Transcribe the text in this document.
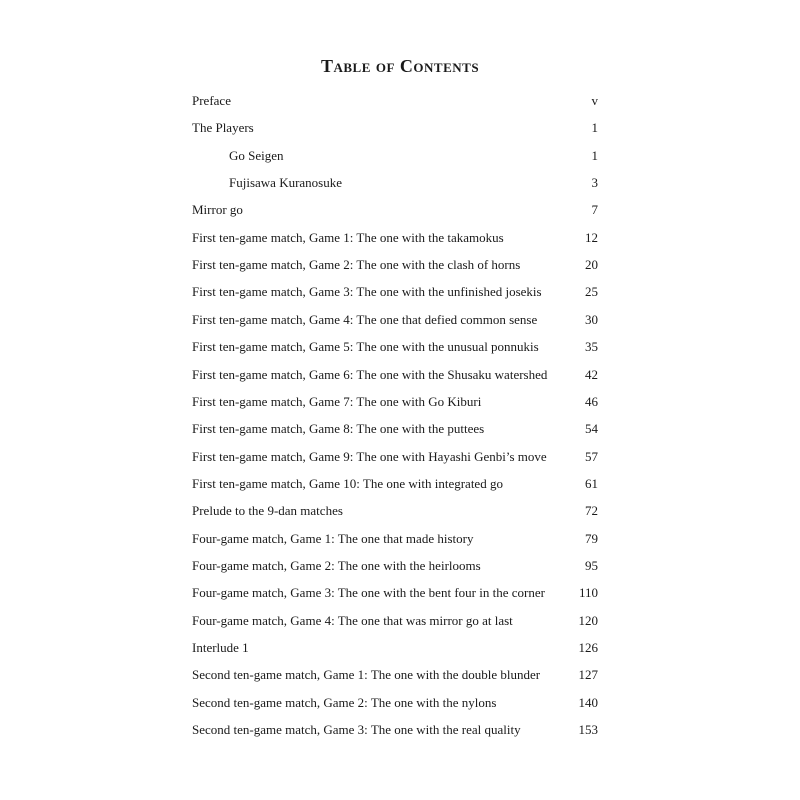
Table of Contents
Preface	v
The Players	1
Go Seigen	1
Fujisawa Kuranosuke	3
Mirror go	7
First ten-game match, Game 1: The one with the takamokus	12
First ten-game match, Game 2: The one with the clash of horns	20
First ten-game match, Game 3: The one with the unfinished josekis	25
First ten-game match, Game 4: The one that defied common sense	30
First ten-game match, Game 5: The one with the unusual ponnukis	35
First ten-game match, Game 6: The one with the Shusaku watershed	42
First ten-game match, Game 7: The one with Go Kiburi	46
First ten-game match, Game 8: The one with the puttees	54
First ten-game match, Game 9: The one with Hayashi Genbi’s move	57
First ten-game match, Game 10: The one with integrated go	61
Prelude to the 9-dan matches	72
Four-game match, Game 1: The one that made history	79
Four-game match, Game 2: The one with the heirlooms	95
Four-game match, Game 3: The one with the bent four in the corner	110
Four-game match, Game 4: The one that was mirror go at last	120
Interlude 1	126
Second ten-game match, Game 1: The one with the double blunder	127
Second ten-game match, Game 2: The one with the nylons	140
Second ten-game match, Game 3: The one with the real quality	153
